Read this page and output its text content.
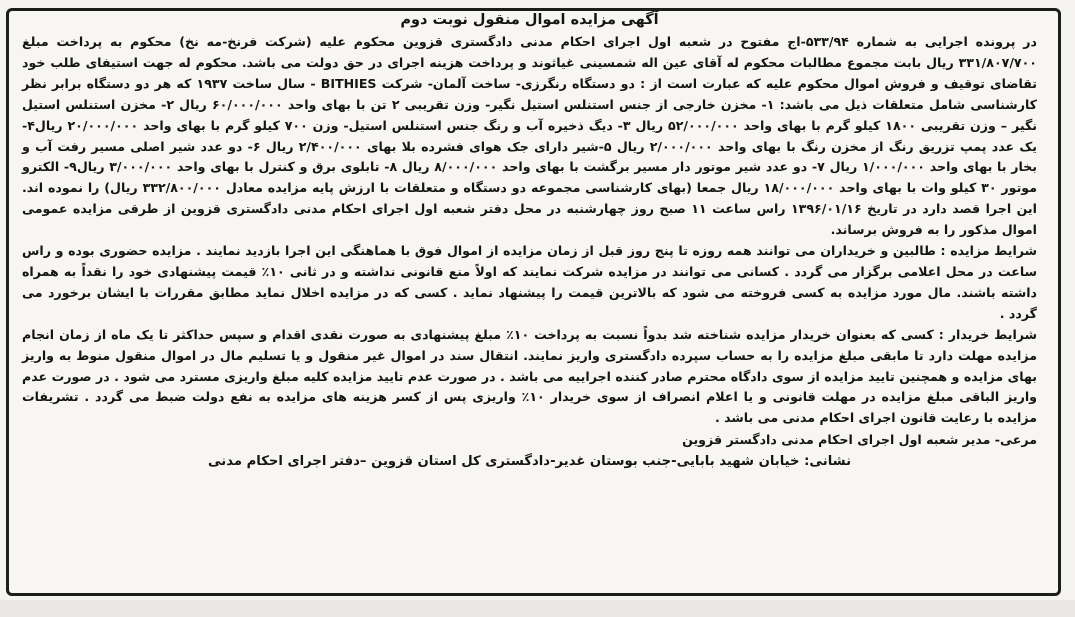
آگهی مزایده اموال منقول نوبت دوم

در پرونده اجرایی به شماره ۵۳۳/۹۴-اج مفتوح در شعبه اول اجرای احکام مدنی دادگستری قزوین محکوم علیه (شرکت فرنخ-مه نخ) محکوم به پرداخت مبلغ ۳۳۱/۸۰۷/۷۰۰ ریال بابت مجموع مطالبات محکوم له آقای عین اله شمسینی غیاثوند و پرداخت هزینه اجرای در حق دولت می باشد. محکوم له جهت استیفای طلب خود تقاضای توقیف و فروش اموال محکوم علیه که عبارت است از : دو دستگاه رنگرزی- ساخت آلمان- شرکت BITHIES - سال ساخت ۱۹۳۷ که هر دو دستگاه برابر نظر کارشناسی شامل متعلقات ذیل می باشد: ۱- مخزن خارجی از جنس استنلس استیل نگیر- وزن تقریبی ۲ تن با بهای واحد ۶۰/۰۰۰/۰۰۰ ریال ۲- مخزن استنلس استیل نگیر – وزن تقریبی ۱۸۰۰ کیلو گرم با بهای واحد ۵۲/۰۰۰/۰۰۰ ریال ۳- دیگ ذخیره آب و رنگ جنس استنلس استیل- وزن ۷۰۰ کیلو گرم با بهای واحد ۲۰/۰۰۰/۰۰۰ ریال۴- یک عدد پمپ تزریق رنگ از مخزن رنگ با بهای واحد ۲/۰۰۰/۰۰۰ ریال ۵-شیر دارای جک هوای فشرده بلا بهای ۲/۴۰۰/۰۰۰ ریال ۶- دو عدد شیر اصلی مسیر رفت آب و بخار با بهای واحد ۱/۰۰۰/۰۰۰ ریال ۷- دو عدد شیر موتور دار مسیر برگشت با بهای واحد ۸/۰۰۰/۰۰۰ ریال ۸- تابلوی برق و کنترل با بهای واحد ۳/۰۰۰/۰۰۰ ریال۹- الکترو موتور ۳۰ کیلو وات با بهای واحد ۱۸/۰۰۰/۰۰۰ ریال جمعا (بهای کارشناسی مجموعه دو دستگاه و متعلقات با ارزش پایه مزایده معادل ۳۳۲/۸۰۰/۰۰۰ ریال) را نموده اند. این اجرا قصد دارد در تاریخ ۱۳۹۶/۰۱/۱۶ راس ساعت ۱۱ صبح روز چهارشنبه در محل دفتر شعبه اول اجرای احکام مدنی دادگستری قزوین از طرقی مزایده عمومی اموال مذکور را به فروش برساند.

شرایط مزایده : طالبین و خریداران می توانند همه روزه تا پنج روز قبل از زمان مزایده از اموال فوق با هماهنگی این اجرا بازدید نمایند . مزایده حضوری بوده و راس ساعت در محل اعلامی برگزار می گردد . کسانی می توانند در مزایده شرکت نمایند که اولاً منع قانونی نداشته و در ثانی ۱۰٪ قیمت پیشنهادی خود را نقداً به همراه داشته باشند. مال مورد مزایده به کسی فروخته می شود که بالاترین قیمت را پیشنهاد نماید . کسی که در مزایده اخلال نماید مطابق مقررات با ایشان برخورد می گردد .

شرایط خریدار : کسی که بعنوان خریدار مزایده شناخته شد بدواً نسبت به پرداخت ۱۰٪ مبلغ پیشنهادی به صورت نقدی اقدام و سپس حداکثر تا یک ماه از زمان انجام مزایده مهلت دارد تا مابقی مبلغ مزایده را به حساب سپرده دادگستری واریز نمایند. انتقال سند در اموال غیر منقول و یا تسلیم مال در اموال منقول منوط به واریز بهای مزایده و همچنین تایید مزایده از سوی دادگاه محترم صادر کننده اجراییه می باشد . در صورت عدم تایید مزایده کلیه مبلغ واریزی مسترد می شود . در صورت عدم واریز الباقی مبلغ مزایده در مهلت قانونی و یا اعلام انصراف از سوی خریدار ۱۰٪ واریزی پس از کسر هزینه های مزایده به نفع دولت ضبط می گردد . تشریفات مزایده با رعایت قانون اجرای احکام مدنی می باشد .

مرعی- مدیر شعبه اول اجرای احکام مدنی دادگستر قزوین

نشانی: خیابان شهید بابایی-جنب بوستان غدیر-دادگستری کل استان قزوین –دفتر اجرای احکام مدنی
